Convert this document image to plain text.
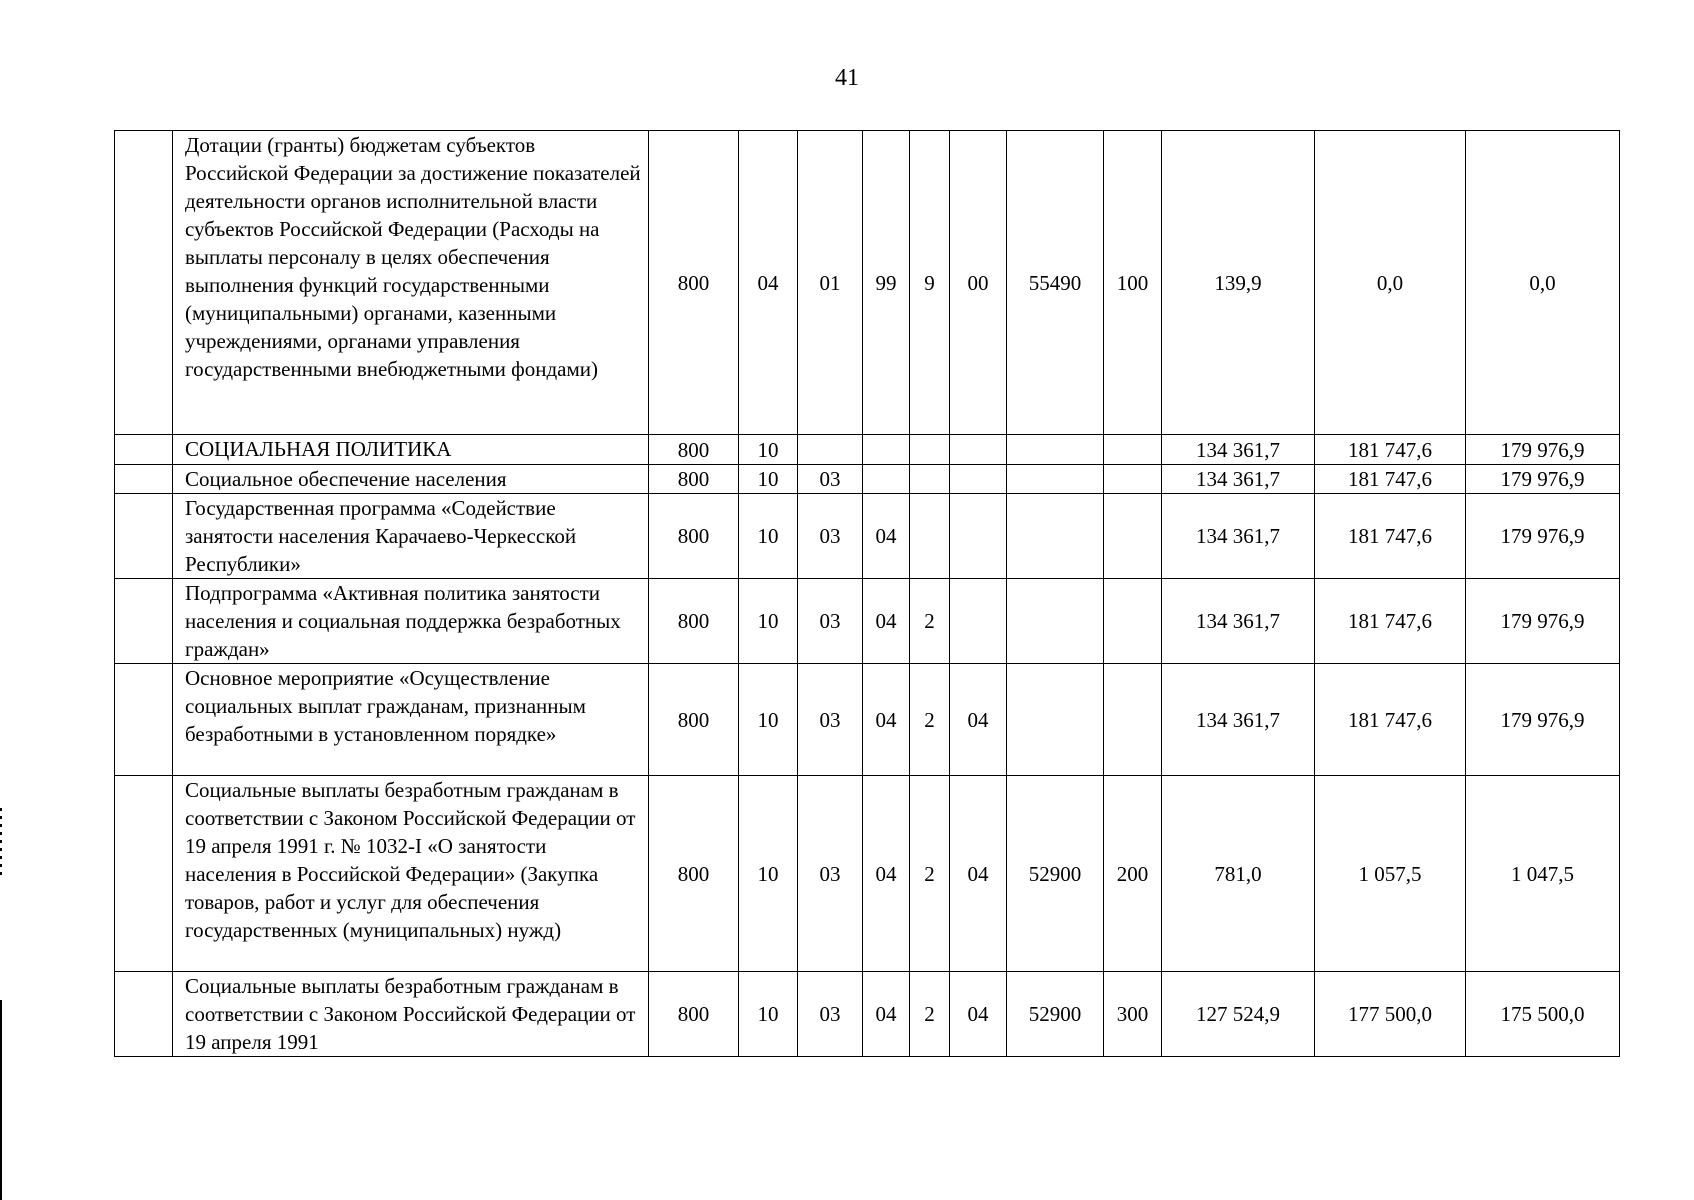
41
	Дотации (гранты) бюджетам субъектов Российской Федерации за достижение показателей деятельности органов исполнительной власти субъектов Российской Федерации (Расходы на выплаты персоналу в целях обеспечения выполнения функций государственными (муниципальными) органами, казенными учреждениями, органами управления государственными внебюджетными фондами)	800	04	01	99	9	00	55490	100	139,9	0,0	0,0
	СОЦИАЛЬНАЯ ПОЛИТИКА	800	10							134 361,7	181 747,6	179 976,9
	Социальное обеспечение населения	800	10	03						134 361,7	181 747,6	179 976,9
	Государственная программа «Содействие занятости населения Карачаево-Черкесской Республики»	800	10	03	04					134 361,7	181 747,6	179 976,9
	Подпрограмма «Активная политика занятости населения и социальная поддержка безработных граждан»	800	10	03	04	2				134 361,7	181 747,6	179 976,9
	Основное мероприятие «Осуществление социальных выплат гражданам, признанным безработными в установленном порядке»	800	10	03	04	2	04			134 361,7	181 747,6	179 976,9
	Социальные выплаты безработным гражданам в соответствии с Законом Российской Федерации от 19 апреля 1991 г. № 1032-I «О занятости населения в Российской Федерации» (Закупка товаров, работ и услуг для обеспечения государственных (муниципальных) нужд)	800	10	03	04	2	04	52900	200	781,0	1 057,5	1 047,5
	Социальные выплаты безработным гражданам в соответствии с Законом Российской Федерации от 19 апреля 1991	800	10	03	04	2	04	52900	300	127 524,9	177 500,0	175 500,0
